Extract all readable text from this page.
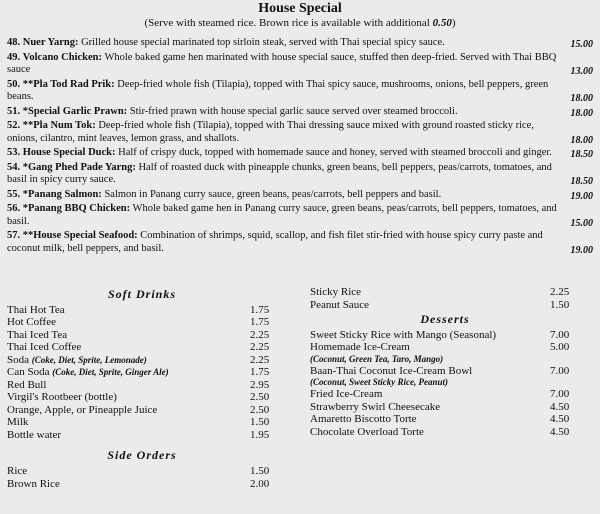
House Special
(Serve with steamed rice. Brown rice is available with additional 0.50)
48. Nuer Yarng: Grilled house special marinated top sirloin steak, served with Thai special spicy sauce.	15.00
49. Volcano Chicken: Whole baked game hen marinated with house special sauce, stuffed then deep-fried. Served with Thai BBQ sauce	13.00
50. **Pla Tod Rad Prik: Deep-fried whole fish (Tilapia), topped with Thai spicy sauce, mushrooms, onions, bell peppers, green beans.	18.00
51. *Special Garlic Prawn: Stir-fried prawn with house special garlic sauce served over steamed broccoli.	18.00
52. **Pla Num Tok: Deep-fried whole fish (Tilapia), topped with Thai dressing sauce mixed with ground roasted sticky rice, onions, cilantro, mint leaves, lemon grass, and shallots.	18.00
53. House Special Duck: Half of crispy duck, topped with homemade sauce and honey, served with steamed broccoli and ginger. 18.50
54. *Gang Phed Pade Yarng: Half of roasted duck with pineapple chunks, green beans, bell peppers, peas/carrots, tomatoes, and basil in spicy curry sauce.	18.50
55. *Panang Salmon: Salmon in Panang curry sauce, green beans, peas/carrots, bell peppers and basil.	19.00
56. *Panang BBQ Chicken: Whole baked game hen in Panang curry sauce, green beans, peas/carrots, bell peppers, tomatoes, and basil.	15.00
57. **House Special Seafood: Combination of shrimps, squid, scallop, and fish filet stir-fried with house spicy curry paste and coconut milk, bell peppers, and basil.	19.00
Soft Drinks
Thai Hot Tea	1.75
Hot Coffee	1.75
Thai Iced Tea	2.25
Thai Iced Coffee	2.25
Soda (Coke, Diet, Sprite, Lemonade)	2.25
Can Soda (Coke, Diet, Sprite, Ginger Ale)	1.75
Red Bull	2.95
Virgil's Rootbeer (bottle)	2.50
Orange, Apple, or Pineapple Juice	2.50
Milk	1.50
Bottle water	1.95
Side Orders
Rice	1.50
Brown Rice	2.00
Sticky Rice	2.25
Peanut Sauce	1.50
Desserts
Sweet Sticky Rice with Mango (Seasonal)	7.00
Homemade Ice-Cream	5.00
(Coconut, Green Tea, Taro, Mango)
Baan-Thai Coconut Ice-Cream Bowl	7.00
(Coconut, Sweet Sticky Rice, Peanut)
Fried Ice-Cream	7.00
Strawberry Swirl Cheesecake	4.50
Amaretto Biscotto Torte	4.50
Chocolate Overload Torte	4.50
